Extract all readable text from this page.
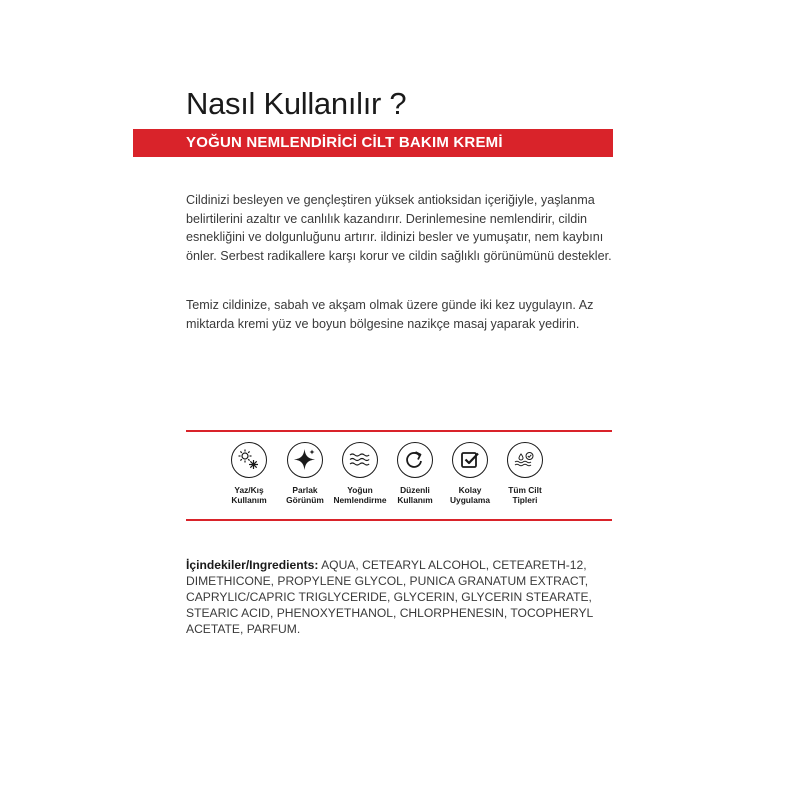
Nasıl Kullanılır ?
YOĞUN NEMLENDİRİCİ CİLT BAKIM KREMİ

Cildinizi besleyen ve gençleştiren yüksek antioksidan içeriğiyle, yaşlanma belirtilerini azaltır ve canlılık kazandırır. Derinlemesine nemlendirir, cildin esnekliğini ve dolgunluğunu artırır. ildinizi besler ve yumuşatır, nem kaybını önler. Serbest radikallere karşı korur ve cildin sağlıklı görünümünü destekler.

Temiz cildinize, sabah ve akşam olmak üzere günde iki kez uygulayın. Az miktarda kremi yüz ve boyun bölgesine nazikçe masaj yaparak yedirin.

Yaz/Kış
Kullanım
Parlak
Görünüm
Yoğun
Nemlendirme
Düzenli
Kullanım
Kolay
Uygulama
Tüm Cilt
Tipleri

İçindekiler/Ingredients: AQUA, CETEARYL ALCOHOL, CETEARETH-12, DIMETHICONE, PROPYLENE GLYCOL, PUNICA GRANATUM EXTRACT, CAPRYLIC/CAPRIC TRIGLYCERIDE, GLYCERIN, GLYCERIN STEARATE, STEARIC ACID, PHENOXYETHANOL, CHLORPHENESIN, TOCOPHERYL ACETATE, PARFUM.
